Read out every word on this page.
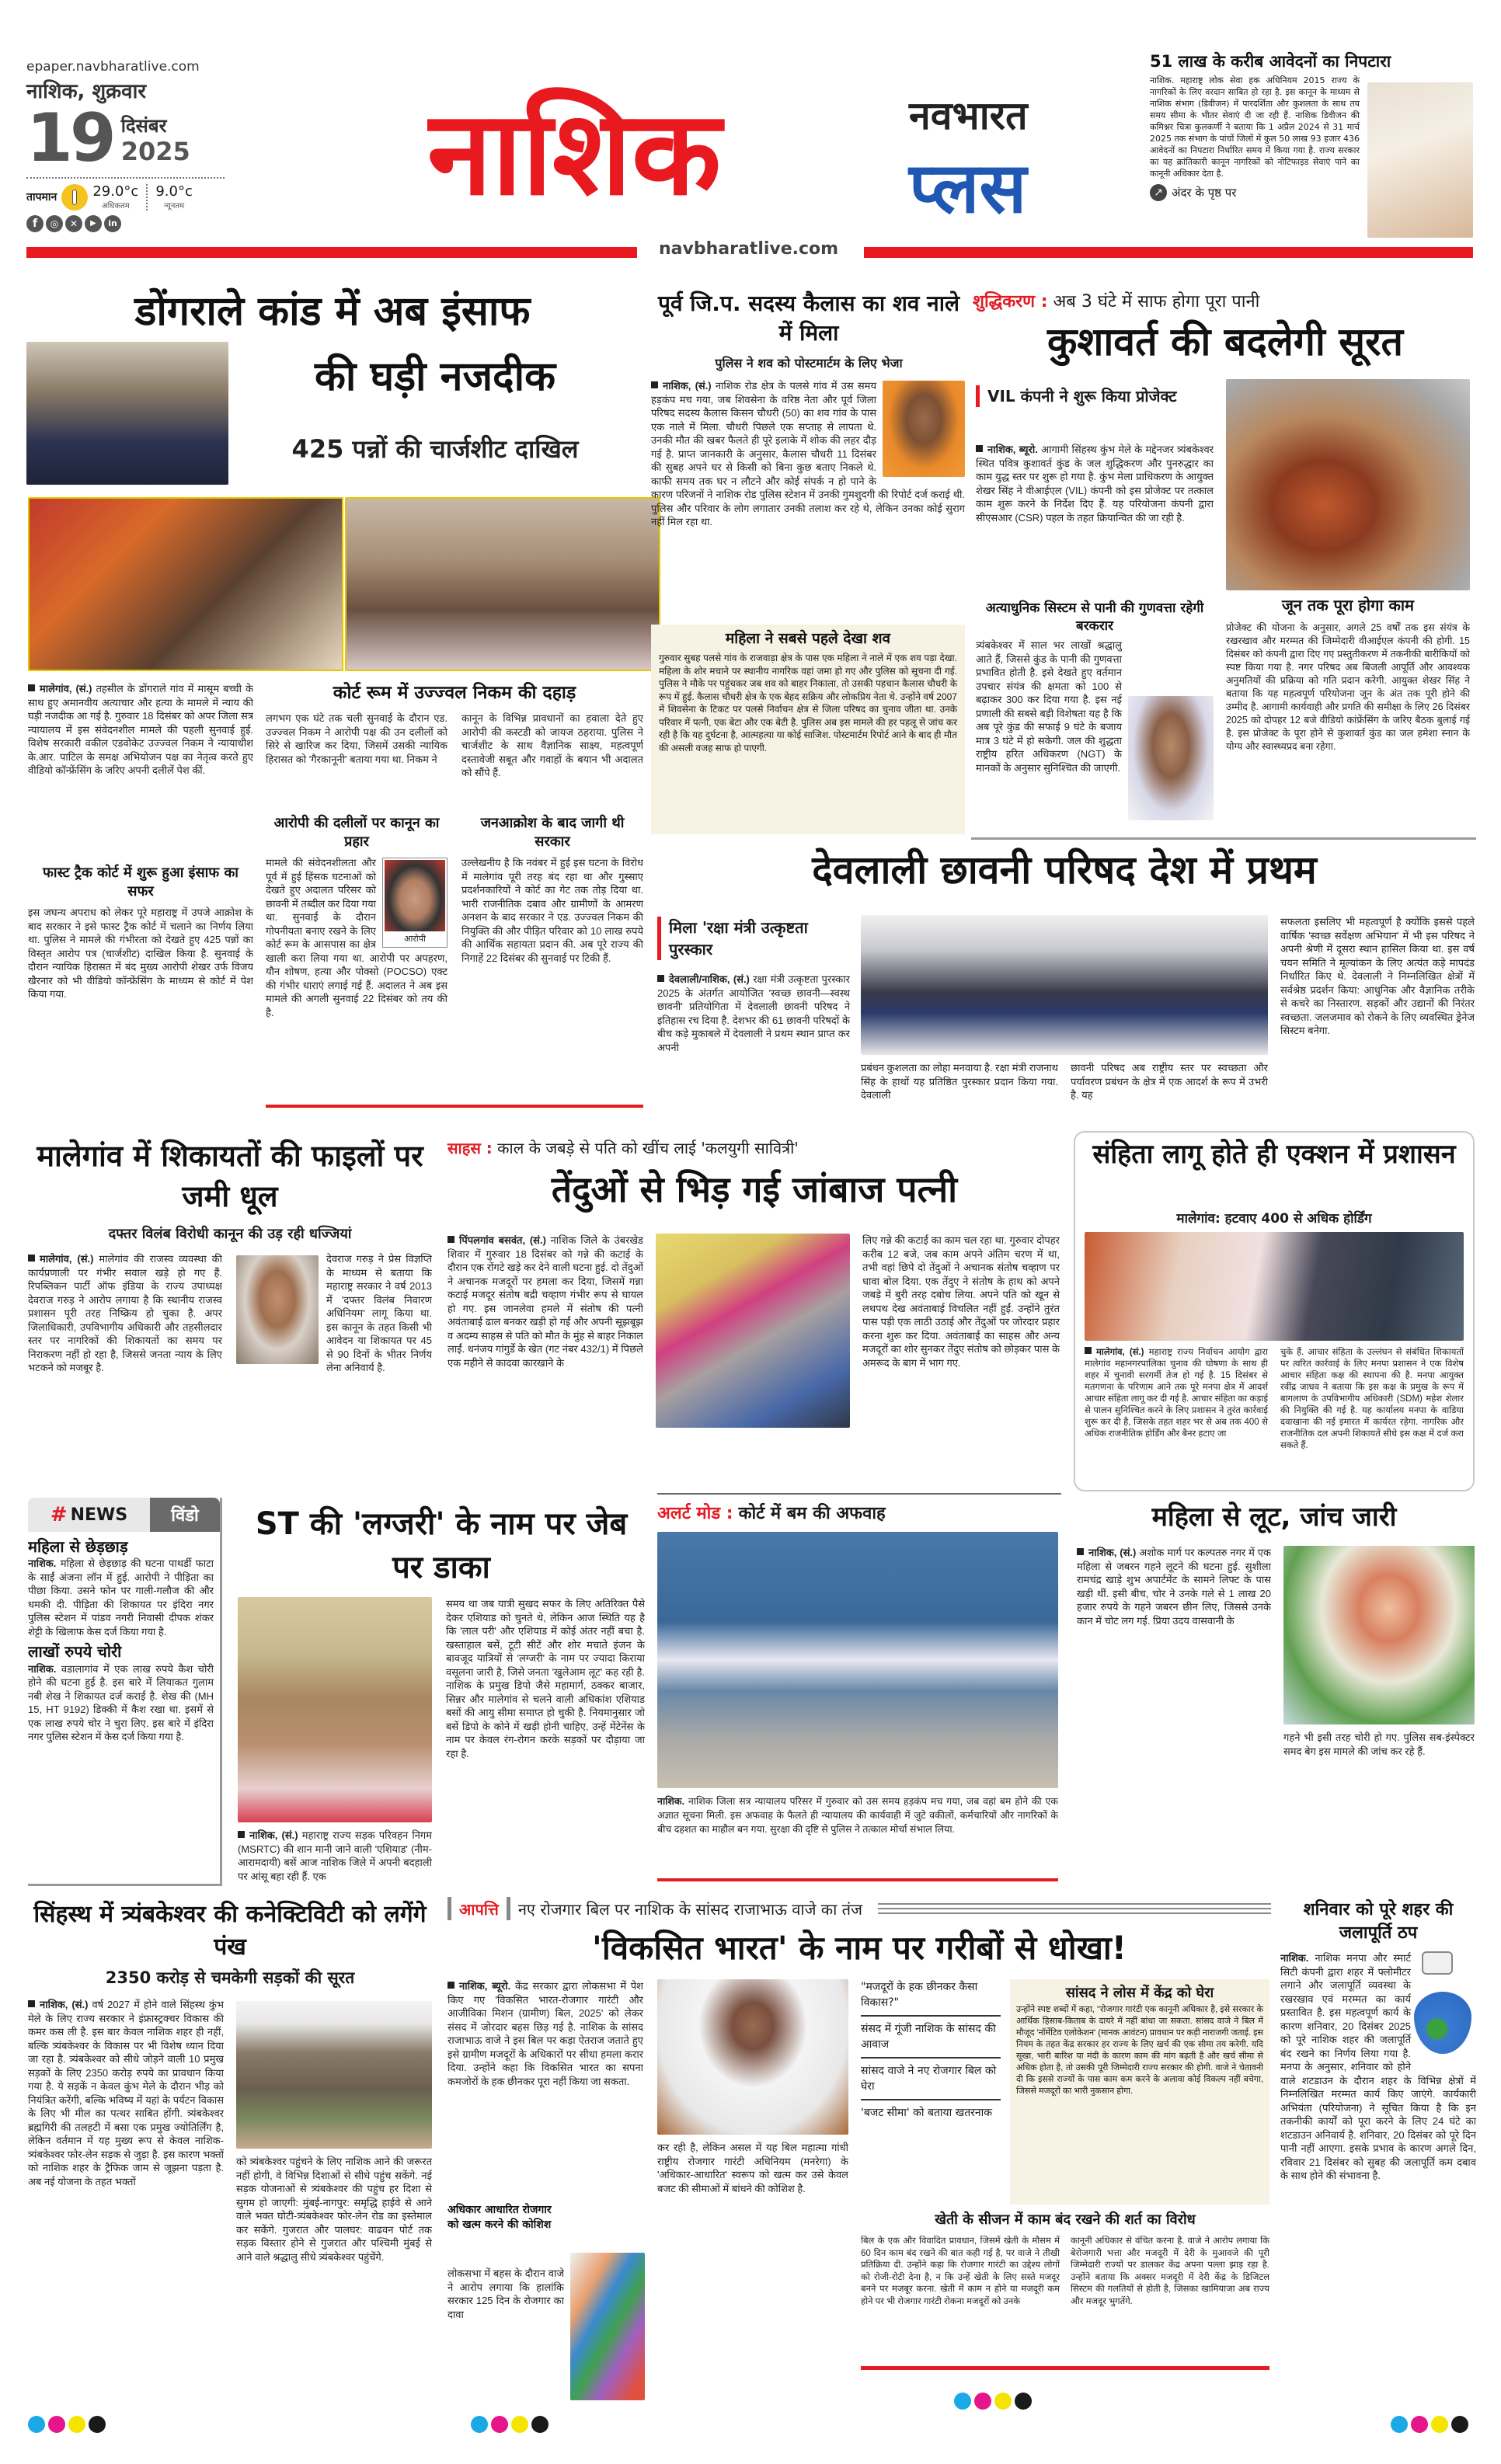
epaper.navbharatlive.com
नाशिक, शुक्रवार
19 दिसंबर
2025
तापमान	29.0°c
अधिकतम
9.0°c
न्यूनतम
f	◎	✕	▶	in
नाशिक	नवभारत
प्लस
navbharatlive.com
51 लाख के करीब आवेदनों का निपटारा
नाशिक. महाराष्ट्र लोक सेवा हक अधिनियम 2015 राज्य के नागरिकों के लिए वरदान साबित हो रहा है. इस कानून के माध्यम से नाशिक संभाग (डिवीजन) में पारदर्शिता और कुशलता के साथ तय समय सीमा के भीतर सेवाएं दी जा रही हैं. नाशिक डिवीजन की कमिश्नर चित्रा कुलकर्णी ने बताया कि 1 अप्रैल 2024 से 31 मार्च 2025 तक संभाग के पांचों जिलों में कुल 50 लाख 93 हजार 436 आवेदनों का निपटारा निर्धारित समय में किया गया है. राज्य सरकार का यह क्रांतिकारी कानून नागरिकों को नोटिफाइड सेवाएं पाने का कानूनी अधिकार देता है.
↗ अंदर के पृष्ठ पर
डोंगराले कांड में अब इंसाफ
की घड़ी नजदीक
425 पन्नों की चार्जशीट दाखिल
मालेगांव, (सं.) तहसील के डोंगराले गांव में मासूम बच्ची के साथ हुए अमानवीय अत्याचार और हत्या के मामले में न्याय की घड़ी नजदीक आ गई है. गुरुवार 18 दिसंबर को अपर जिला सत्र न्यायालय में इस संवेदनशील मामले की पहली सुनवाई हुई. विशेष सरकारी वकील एडवोकेट उज्ज्वल निकम ने न्यायाधीश के.आर. पाटिल के समक्ष अभियोजन पक्ष का नेतृत्व करते हुए वीडियो कॉन्फ्रेंसिंग के जरिए अपनी दलीलें पेश कीं.
फास्ट ट्रैक कोर्ट में शुरू हुआ इंसाफ का सफर
इस जघन्य अपराध को लेकर पूरे महाराष्ट्र में उपजे आक्रोश के बाद सरकार ने इसे फास्ट ट्रैक कोर्ट में चलाने का निर्णय लिया था. पुलिस ने मामले की गंभीरता को देखते हुए 425 पन्नों का विस्तृत आरोप पत्र (चार्जशीट) दाखिल किया है. सुनवाई के दौरान न्यायिक हिरासत में बंद मुख्य आरोपी शेखर उर्फ विजय खैरनार को भी वीडियो कॉन्फ्रेंसिंग के माध्यम से कोर्ट में पेश किया गया.
कोर्ट रूम में उज्ज्वल निकम की दहाड़
लगभग एक घंटे तक चली सुनवाई के दौरान एड. उज्ज्वल निकम ने आरोपी पक्ष की उन दलीलों को सिरे से खारिज कर दिया, जिसमें उसकी न्यायिक हिरासत को 'गैरकानूनी' बताया गया था. निकम ने
कानून के विभिन्न प्रावधानों का हवाला देते हुए आरोपी की कस्टडी को जायज ठहराया. पुलिस ने चार्जशीट के साथ वैज्ञानिक साक्ष्य, महत्वपूर्ण दस्तावेजी सबूत और गवाहों के बयान भी अदालत को सौंपे हैं.
आरोपी की दलीलों पर कानून का प्रहार
मामले की संवेदनशीलता और पूर्व में हुई हिंसक घटनाओं को देखते हुए अदालत परिसर को छावनी में तब्दील कर दिया गया था. सुनवाई के दौरान गोपनीयता बनाए रखने के लिए कोर्ट रूम के आसपास का क्षेत्र खाली करा लिया गया था. आरोपी पर अपहरण, यौन शोषण, हत्या और पोक्सो (POCSO) एक्ट की गंभीर धाराएं लगाई गई हैं. अदालत ने अब इस मामले की अगली सुनवाई 22 दिसंबर को तय की है.
आरोपी
जनआक्रोश के बाद जागी थी सरकार
उल्लेखनीय है कि नवंबर में हुई इस घटना के विरोध में मालेगांव पूरी तरह बंद रहा था और गुस्साए प्रदर्शनकारियों ने कोर्ट का गेट तक तोड़ दिया था. भारी राजनीतिक दबाव और ग्रामीणों के आमरण अनशन के बाद सरकार ने एड. उज्ज्वल निकम की नियुक्ति की और पीड़ित परिवार को 10 लाख रुपये की आर्थिक सहायता प्रदान की. अब पूरे राज्य की निगाहें 22 दिसंबर की सुनवाई पर टिकी हैं.
पूर्व जि.प. सदस्य कैलास का शव नाले में मिला
पुलिस ने शव को पोस्टमार्टम के लिए भेजा
नाशिक, (सं.) नाशिक रोड क्षेत्र के पलसे गांव में उस समय हड़कंप मच गया, जब शिवसेना के वरिष्ठ नेता और पूर्व जिला परिषद सदस्य कैलास किसन चौधरी (50) का शव गांव के पास एक नाले में मिला. चौधरी पिछले एक सप्ताह से लापता थे. उनकी मौत की खबर फैलते ही पूरे इलाके में शोक की लहर दौड़ गई है. प्राप्त जानकारी के अनुसार, कैलास चौधरी 11 दिसंबर की सुबह अपने घर से किसी को बिना कुछ बताए निकले थे. काफी समय तक घर न लौटने और कोई संपर्क न हो पाने के कारण परिजनों ने नाशिक रोड पुलिस स्टेशन में उनकी गुमशुदगी की रिपोर्ट दर्ज कराई थी. पुलिस और परिवार के लोग लगातार उनकी तलाश कर रहे थे, लेकिन उनका कोई सुराग नहीं मिल रहा था.
महिला ने सबसे पहले देखा शव
गुरुवार सुबह पलसे गांव के राजवाड़ा क्षेत्र के पास एक महिला ने नाले में एक शव पड़ा देखा. महिला के शोर मचाने पर स्थानीय नागरिक वहां जमा हो गए और पुलिस को सूचना दी गई. पुलिस ने मौके पर पहुंचकर जब शव को बाहर निकाला, तो उसकी पहचान कैलास चौधरी के रूप में हुई. कैलास चौधरी क्षेत्र के एक बेहद सक्रिय और लोकप्रिय नेता थे. उन्होंने वर्ष 2007 में शिवसेना के टिकट पर पलसे निर्वाचन क्षेत्र से जिला परिषद का चुनाव जीता था. उनके परिवार में पत्नी, एक बेटा और एक बेटी है. पुलिस अब इस मामले की हर पहलू से जांच कर रही है कि यह दुर्घटना है, आत्महत्या या कोई साजिश. पोस्टमार्टम रिपोर्ट आने के बाद ही मौत की असली वजह साफ हो पाएगी.
शुद्धिकरण : अब 3 घंटे में साफ होगा पूरा पानी
कुशावर्त की बदलेगी सूरत
VIL कंपनी ने शुरू किया प्रोजेक्ट
नाशिक, ब्यूरो. आगामी सिंहस्थ कुंभ मेले के मद्देनजर त्र्यंबकेश्वर स्थित पवित्र कुशावर्त कुंड के जल शुद्धिकरण और पुनरुद्धार का काम युद्ध स्तर पर शुरू हो गया है. कुंभ मेला प्राधिकरण के आयुक्त शेखर सिंह ने वीआईएल (VIL) कंपनी को इस प्रोजेक्ट पर तत्काल काम शुरू करने के निर्देश दिए हैं. यह परियोजना कंपनी द्वारा सीएसआर (CSR) पहल के तहत क्रियान्वित की जा रही है.
अत्याधुनिक सिस्टम से पानी की गुणवत्ता रहेगी बरकरार
त्र्यंबकेश्वर में साल भर लाखों श्रद्धालु आते हैं, जिससे कुंड के पानी की गुणवत्ता प्रभावित होती है. इसे देखते हुए वर्तमान उपचार संयंत्र की क्षमता को 100 से बढ़ाकर 300 कर दिया गया है. इस नई प्रणाली की सबसे बड़ी विशेषता यह है कि अब पूरे कुंड की सफाई 9 घंटे के बजाय मात्र 3 घंटे में हो सकेगी. जल की शुद्धता राष्ट्रीय हरित अधिकरण (NGT) के मानकों के अनुसार सुनिश्चित की जाएगी.
जून तक पूरा होगा काम
प्रोजेक्ट की योजना के अनुसार, अगले 25 वर्षों तक इस संयंत्र के रखरखाव और मरम्मत की जिम्मेदारी वीआईएल कंपनी की होगी. 15 दिसंबर को कंपनी द्वारा दिए गए प्रस्तुतीकरण में तकनीकी बारीकियों को स्पष्ट किया गया है. नगर परिषद अब बिजली आपूर्ति और आवश्यक अनुमतियों की प्रक्रिया को गति प्रदान करेगी. आयुक्त शेखर सिंह ने बताया कि यह महत्वपूर्ण परियोजना जून के अंत तक पूरी होने की उम्मीद है. आगामी कार्यवाही और प्रगति की समीक्षा के लिए 26 दिसंबर 2025 को दोपहर 12 बजे वीडियो कांफ्रेंसिंग के जरिए बैठक बुलाई गई है. इस प्रोजेक्ट के पूरा होने से कुशावर्त कुंड का जल हमेशा स्नान के योग्य और स्वास्थ्यप्रद बना रहेगा.
देवलाली छावनी परिषद देश में प्रथम
मिला 'रक्षा मंत्री उत्कृष्टता पुरस्कार
देवलाली/नाशिक, (सं.) रक्षा मंत्री उत्कृष्टता पुरस्कार 2025 के अंतर्गत आयोजित 'स्वच्छ छावनी—स्वस्थ छावनी' प्रतियोगिता में देवलाली छावनी परिषद ने इतिहास रच दिया है. देशभर की 61 छावनी परिषदों के बीच कड़े मुकाबले में देवलाली ने प्रथम स्थान प्राप्त कर अपनी
प्रबंधन कुशलता का लोहा मनवाया है. रक्षा मंत्री राजनाथ सिंह के हाथों यह प्रतिष्ठित पुरस्कार प्रदान किया गया. देवलाली
छावनी परिषद अब राष्ट्रीय स्तर पर स्वच्छता और पर्यावरण प्रबंधन के क्षेत्र में एक आदर्श के रूप में उभरी है. यह
सफलता इसलिए भी महत्वपूर्ण है क्योंकि इससे पहले वार्षिक 'स्वच्छ सर्वेक्षण अभियान' में भी इस परिषद ने अपनी श्रेणी में दूसरा स्थान हासिल किया था. इस वर्ष चयन समिति ने मूल्यांकन के लिए अत्यंत कड़े मापदंड निर्धारित किए थे. देवलाली ने निम्नलिखित क्षेत्रों में सर्वश्रेष्ठ प्रदर्शन किया: आधुनिक और वैज्ञानिक तरीके से कचरे का निस्तारण. सड़कों और उद्यानों की निरंतर स्वच्छता. जलजमाव को रोकने के लिए व्यवस्थित ड्रेनेज सिस्टम बनेगा.
मालेगांव में शिकायतों की फाइलों पर जमी धूल
दफ्तर विलंब विरोधी कानून की उड़ रही धज्जियां
मालेगांव, (सं.) मालेगांव की राजस्व व्यवस्था की कार्यप्रणाली पर गंभीर सवाल खड़े हो गए हैं. रिपब्लिकन पार्टी ऑफ इंडिया के राज्य उपाध्यक्ष देवराज गरुड़ ने आरोप लगाया है कि स्थानीय राजस्व प्रशासन पूरी तरह निष्क्रिय हो चुका है. अपर जिलाधिकारी, उपविभागीय अधिकारी और तहसीलदार स्तर पर नागरिकों की शिकायतों का समय पर निराकरण नहीं हो रहा है, जिससे जनता न्याय के लिए भटकने को मजबूर है.
देवराज गरुड़ ने प्रेस विज्ञप्ति के माध्यम से बताया कि महाराष्ट्र सरकार ने वर्ष 2013 में 'दफ्तर विलंब निवारण अधिनियम' लागू किया था. इस कानून के तहत किसी भी आवेदन या शिकायत पर 45 से 90 दिनों के भीतर निर्णय लेना अनिवार्य है.
साहस : काल के जबड़े से पति को खींच लाई 'कलयुगी सावित्री'
तेंदुओं से भिड़ गई जांबाज पत्नी
पिंपलगांव बसवंत, (सं.) नाशिक जिले के उंबरखेड शिवार में गुरुवार 18 दिसंबर को गन्ने की कटाई के दौरान एक रोंगटे खड़े कर देने वाली घटना हुई. दो तेंदुओं ने अचानक मजदूरों पर हमला कर दिया, जिसमें गन्ना कटाई मजदूर संतोष बद्री चव्हाण गंभीर रूप से घायल हो गए. इस जानलेवा हमले में संतोष की पत्नी अवंताबाई ढाल बनकर खड़ी हो गईं और अपनी सूझबूझ व अदम्य साहस से पति को मौत के मुंह से बाहर निकाल लाईं. धनंजय गांगुर्डे के खेत (गट नंबर 432/1) में पिछले एक महीने से कादवा कारखाने के
लिए गन्ने की कटाई का काम चल रहा था. गुरुवार दोपहर करीब 12 बजे, जब काम अपने अंतिम चरण में था, तभी वहां छिपे दो तेंदुओं ने अचानक संतोष चव्हाण पर धावा बोल दिया. एक तेंदुए ने संतोष के हाथ को अपने जबड़े में बुरी तरह दबोच लिया. अपने पति को खून से लथपथ देख अवंताबाई विचलित नहीं हुईं. उन्होंने तुरंत पास पड़ी एक लाठी उठाई और तेंदुओं पर जोरदार प्रहार करना शुरू कर दिया. अवंताबाई का साहस और अन्य मजदूरों का शोर सुनकर तेंदुए संतोष को छोड़कर पास के अमरूद के बाग में भाग गए.
संहिता लागू होते ही एक्शन में प्रशासन
मालेगांव: हटवाए 400 से अधिक होर्डिंग
मालेगांव, (सं.) महाराष्ट्र राज्य निर्वाचन आयोग द्वारा मालेगांव महानगरपालिका चुनाव की घोषणा के साथ ही शहर में चुनावी सरगर्मी तेज हो गई है. 15 दिसंबर से मतगणना के परिणाम आने तक पूरे मनपा क्षेत्र में आदर्श आचार संहिता लागू कर दी गई है. आचार संहिता का कड़ाई से पालन सुनिश्चित करने के लिए प्रशासन ने तुरंत कार्रवाई शुरू कर दी है, जिसके तहत शहर भर से अब तक 400 से अधिक राजनीतिक होर्डिंग और बैनर हटाए जा
चुके हैं. आचार संहिता के उल्लंघन से संबंधित शिकायतों पर त्वरित कार्रवाई के लिए मनपा प्रशासन ने एक विशेष आचार संहिता कक्ष की स्थापना की है. मनपा आयुक्त रवींद्र जाधव ने बताया कि इस कक्ष के प्रमुख के रूप में बागलाण के उपविभागीय अधिकारी (SDM) महेश शेलार की नियुक्ति की गई है. यह कार्यालय मनपा के वाडिया दवाखाना की नई इमारत में कार्यरत रहेगा. नागरिक और राजनीतिक दल अपनी शिकायतें सीधे इस कक्ष में दर्ज करा सकते हैं.
# NEWS	विंडो
महिला से छेड़छाड़
नाशिक. महिला से छेड़छाड़ की घटना पाथर्डी फाटा के साईं अंजना लॉन में हुई. आरोपी ने पीड़िता का पीछा किया. उसने फोन पर गाली-गलौज की और धमकी दी. पीड़िता की शिकायत पर इंदिरा नगर पुलिस स्टेशन में पांडव नगरी निवासी दीपक शंकर शेट्टी के खिलाफ केस दर्ज किया गया है.
लाखों रुपये चोरी
नाशिक. वडालागांव में एक लाख रुपये कैश चोरी होने की घटना हुई है. इस बारे में लियाकत गुलाम नबी शेख ने शिकायत दर्ज कराई है. शेख की (MH 15, HT 9192) डिक्की में कैश रखा था. इसमें से एक लाख रुपये चोर ने चुरा लिए. इस बारे में इंदिरा नगर पुलिस स्टेशन में केस दर्ज किया गया है.
ST की 'लग्जरी' के नाम पर जेब पर डाका
नाशिक, (सं.) महाराष्ट्र राज्य सड़क परिवहन निगम (MSRTC) की शान मानी जाने वाली 'एशियाड' (नीम-आरामदायी) बसें आज नाशिक जिले में अपनी बदहाली पर आंसू बहा रही हैं. एक
समय था जब यात्री सुखद सफर के लिए अतिरिक्त पैसे देकर एशियाड को चुनते थे, लेकिन आज स्थिति यह है कि 'लाल परी' और एशियाड में कोई अंतर नहीं बचा है. खस्ताहाल बसें, टूटी सीटें और शोर मचाते इंजन के बावजूद यात्रियों से 'लग्जरी' के नाम पर ज्यादा किराया वसूलना जारी है, जिसे जनता 'खुलेआम लूट' कह रही है. नाशिक के प्रमुख डिपो जैसे महामार्ग, ठक्कर बाजार, सिन्नर और मालेगांव से चलने वाली अधिकांश एशियाड बसों की आयु सीमा समाप्त हो चुकी है. नियमानुसार जो बसें डिपो के कोने में खड़ी होनी चाहिए, उन्हें मेंटेनेंस के नाम पर केवल रंग-रोगन करके सड़कों पर दौड़ाया जा रहा है.
अलर्ट मोड : कोर्ट में बम की अफवाह
नाशिक. नाशिक जिला सत्र न्यायालय परिसर में गुरुवार को उस समय हड़कंप मच गया, जब वहां बम होने की एक अज्ञात सूचना मिली. इस अफवाह के फैलते ही न्यायालय की कार्यवाही में जुटे वकीलों, कर्मचारियों और नागरिकों के बीच दहशत का माहौल बन गया. सुरक्षा की दृष्टि से पुलिस ने तत्काल मोर्चा संभाल लिया.
महिला से लूट, जांच जारी
नाशिक, (सं.) अशोक मार्ग पर कल्पतरु नगर में एक महिला से जबरन गहने लूटने की घटना हुई. सुशीला रामचंद्र खाड़े शुभ अपार्टमेंट के सामने लिफ्ट के पास खड़ी थीं. इसी बीच, चोर ने उनके गले से 1 लाख 20 हजार रुपये के गहने जबरन छीन लिए, जिससे उनके कान में चोट लग गई. प्रिया उदय वासवानी के
गहने भी इसी तरह चोरी हो गए. पुलिस सब-इंस्पेक्टर समद बेग इस मामले की जांच कर रहे हैं.
सिंहस्थ में त्र्यंबकेश्वर की कनेक्टिविटी को लगेंगे पंख
2350 करोड़ से चमकेगी सड़कों की सूरत
नाशिक, (सं.) वर्ष 2027 में होने वाले सिंहस्थ कुंभ मेले के लिए राज्य सरकार ने इंफ्रास्ट्रक्चर विकास की कमर कस ली है. इस बार केवल नाशिक शहर ही नहीं, बल्कि त्र्यंबकेश्वर के विकास पर भी विशेष ध्यान दिया जा रहा है. त्र्यंबकेश्वर को सीधे जोड़ने वाली 10 प्रमुख सड़कों के लिए 2350 करोड़ रुपये का प्रावधान किया गया है. ये सड़कें न केवल कुंभ मेले के दौरान भीड़ को नियंत्रित करेंगी, बल्कि भविष्य में यहां के पर्यटन विकास के लिए भी मील का पत्थर साबित होंगी. त्र्यंबकेश्वर ब्रह्मगिरी की तलहटी में बसा एक प्रमुख ज्योतिर्लिंग है, लेकिन वर्तमान में यह मुख्य रूप से केवल नाशिक-त्र्यंबकेश्वर फोर-लेन सड़क से जुड़ा है. इस कारण भक्तों को नाशिक शहर के ट्रैफिक जाम से जूझना पड़ता है. अब नई योजना के तहत भक्तों
को त्र्यंबकेश्वर पहुंचने के लिए नाशिक आने की जरूरत नहीं होगी, वे विभिन्न दिशाओं से सीधे पहुंच सकेंगे. नई सड़क योजनाओं से त्र्यंबकेश्वर की पहुंच हर दिशा से सुगम हो जाएगी: मुंबई-नागपुर: समृद्धि हाईवे से आने वाले भक्त घोटी-त्र्यंबकेश्वर फोर-लेन रोड का इस्तेमाल कर सकेंगे. गुजरात और पालघर: वाढवन पोर्ट तक सड़क विस्तार होने से गुजरात और पश्चिमी मुंबई से आने वाले श्रद्धालु सीधे त्र्यंबकेश्वर पहुंचेंगे.
आपत्ति नए रोजगार बिल पर नाशिक के सांसद राजाभाऊ वाजे का तंज
'विकसित भारत' के नाम पर गरीबों से धोखा!
नाशिक, ब्यूरो. केंद्र सरकार द्वारा लोकसभा में पेश किए गए 'विकसित भारत-रोजगार गारंटी और आजीविका मिशन (ग्रामीण) बिल, 2025' को लेकर संसद में जोरदार बहस छिड़ गई है. नाशिक के सांसद राजाभाऊ वाजे ने इस बिल पर कड़ा ऐतराज जताते हुए इसे ग्रामीण मजदूरों के अधिकारों पर सीधा हमला करार दिया. उन्होंने कहा कि विकसित भारत का सपना कमजोरों के हक छीनकर पूरा नहीं किया जा सकता.
अधिकार आधारित रोजगार को खत्म करने की कोशिश
लोकसभा में बहस के दौरान वाजे ने आरोप लगाया कि हालांकि सरकार 125 दिन के रोजगार का दावा
कर रही है, लेकिन असल में यह बिल महात्मा गांधी राष्ट्रीय रोजगार गारंटी अधिनियम (मनरेगा) के 'अधिकार-आधारित' स्वरूप को खत्म कर उसे केवल बजट की सीमाओं में बांधने की कोशिश है.
"मजदूरों के हक छीनकर कैसा विकास?"
संसद में गूंजी नाशिक के सांसद की आवाज
सांसद वाजे ने नए रोजगार बिल को घेरा
'बजट सीमा' को बताया खतरनाक
सांसद ने लोस में केंद्र को घेरा
उन्होंने स्पष्ट शब्दों में कहा, "रोजगार गारंटी एक कानूनी अधिकार है, इसे सरकार के आर्थिक हिसाब-किताब के दायरे में नहीं बांधा जा सकता. सांसद वाजे ने बिल में मौजूद 'नॉर्मेटिव एलोकेशन' (मानक आवंटन) प्रावधान पर कड़ी नाराजगी जताई. इस नियम के तहत केंद्र सरकार हर राज्य के लिए खर्च की एक सीमा तय करेगी. यदि सूखा, भारी बारिश या मंदी के कारण काम की मांग बढ़ती है और खर्च सीमा से अधिक होता है, तो उसकी पूरी जिम्मेदारी राज्य सरकार की होगी. वाजे ने चेतावनी दी कि इससे राज्यों के पास काम कम करने के अलावा कोई विकल्प नहीं बचेगा, जिससे मजदूरों का भारी नुकसान होगा.
खेती के सीजन में काम बंद रखने की शर्त का विरोध
बिल के एक और विवादित प्रावधान, जिसमें खेती के मौसम में 60 दिन काम बंद रखने की बात कही गई है, पर वाजे ने तीखी प्रतिक्रिया दी. उन्होंने कहा कि रोजगार गारंटी का उद्देश्य लोगों को रोजी-रोटी देना है, न कि उन्हें खेती के लिए सस्ते मजदूर बनने पर मजबूर करना. खेती में काम न होने या मजदूरी कम होने पर भी रोजगार गारंटी रोकना मजदूरों को उनके
कानूनी अधिकार से वंचित करना है. वाजे ने आरोप लगाया कि बेरोजगारी भत्ता और मजदूरी में देरी के मुआवजे की पूरी जिम्मेदारी राज्यों पर डालकर केंद्र अपना पल्ला झाड़ रहा है. उन्होंने बताया कि अक्सर मजदूरी में देरी केंद्र के डिजिटल सिस्टम की गलतियों से होती है, जिसका खामियाजा अब राज्य और मजदूर भुगतेंगे.
शनिवार को पूरे शहर की जलापूर्ति ठप
नाशिक. नाशिक मनपा और स्मार्ट सिटी कंपनी द्वारा शहर में फ्लोमीटर लगाने और जलापूर्ति व्यवस्था के रखरखाव एवं मरम्मत का कार्य प्रस्तावित है. इस महत्वपूर्ण कार्य के कारण शनिवार, 20 दिसंबर 2025 को पूरे नाशिक शहर की जलापूर्ति बंद रखने का निर्णय लिया गया है. मनपा के अनुसार, शनिवार को होने वाले शटडाउन के दौरान शहर के विभिन्न क्षेत्रों में निम्नलिखित मरम्मत कार्य किए जाएंगे. कार्यकारी अभियंता (परियोजना) ने सूचित किया है कि इन तकनीकी कार्यों को पूरा करने के लिए 24 घंटे का शटडाउन अनिवार्य है. शनिवार, 20 दिसंबर को पूरे दिन पानी नहीं आएगा. इसके प्रभाव के कारण अगले दिन, रविवार 21 दिसंबर को सुबह की जलापूर्ति कम दबाव के साथ होने की संभावना है.
